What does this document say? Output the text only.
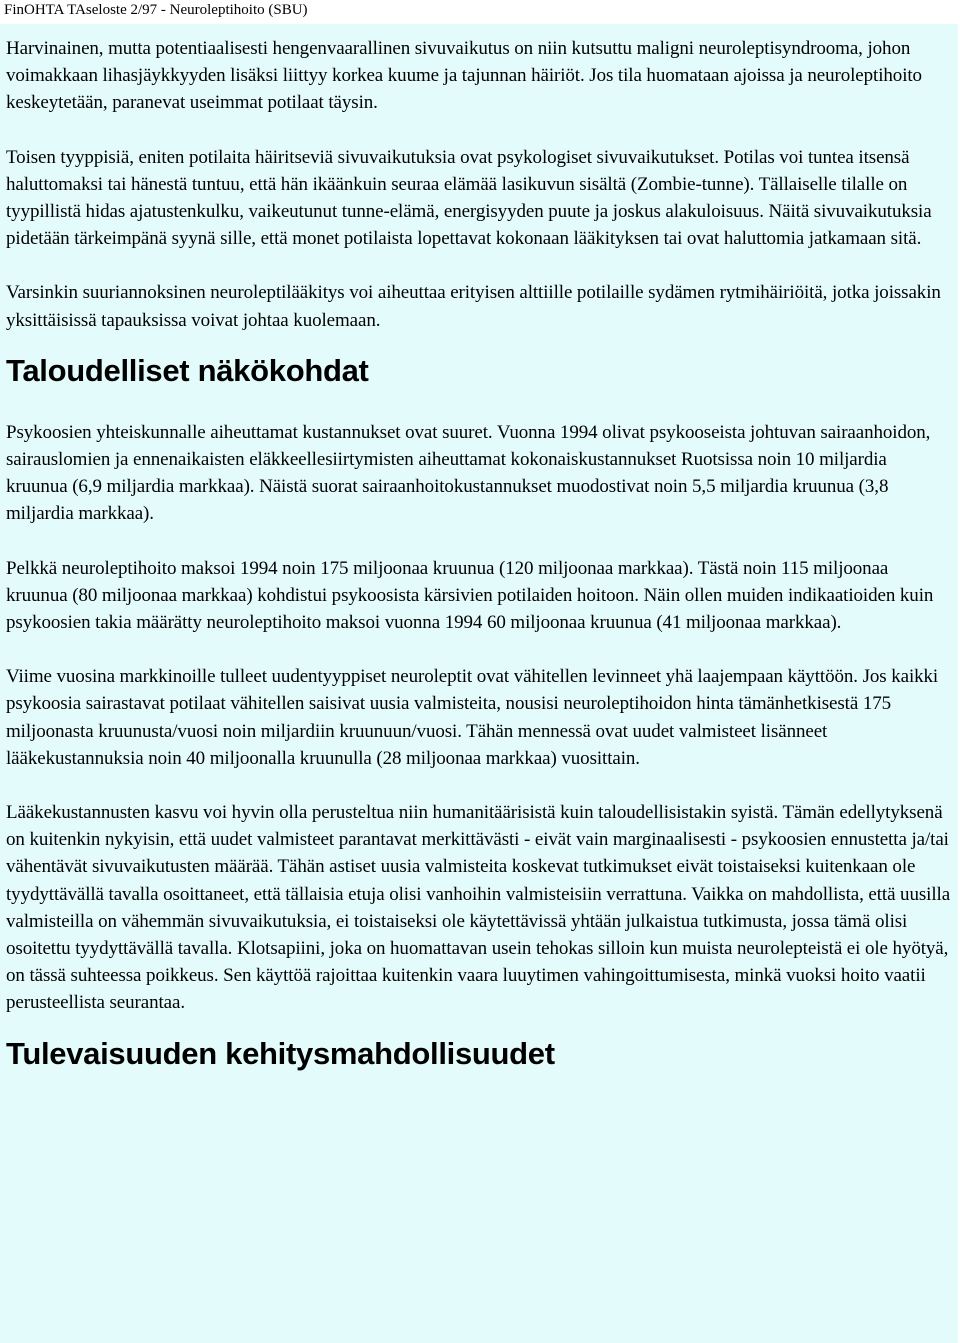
FinOHTA TAseloste 2/97 - Neuroleptihoito (SBU)

Harvinainen, mutta potentiaalisesti hengenvaarallinen sivuvaikutus on niin kutsuttu maligni neuroleptisyndrooma, johon voimakkaan lihasjäykkyyden lisäksi liittyy korkea kuume ja tajunnan häiriöt. Jos tila huomataan ajoissa ja neuroleptihoito keskeytetään, paranevat useimmat potilaat täysin.

Toisen tyyppisiä, eniten potilaita häiritseviä sivuvaikutuksia ovat psykologiset sivuvaikutukset. Potilas voi tuntea itsensä haluttomaksi tai hänestä tuntuu, että hän ikäänkuin seuraa elämää lasikuvun sisältä (Zombie-tunne). Tällaiselle tilalle on tyypillistä hidas ajatustenkulku, vaikeutunut tunne-elämä, energisyyden puute ja joskus alakuloisuus. Näitä sivuvaikutuksia pidetään tärkeimpänä syynä sille, että monet potilaista lopettavat kokonaan lääkityksen tai ovat haluttomia jatkamaan sitä.

Varsinkin suuriannoksinen neuroleptilääkitys voi aiheuttaa erityisen alttiille potilaille sydämen rytmihäiriöitä, jotka joissakin yksittäisissä tapauksissa voivat johtaa kuolemaan.

Taloudelliset näkökohdat

Psykoosien yhteiskunnalle aiheuttamat kustannukset ovat suuret. Vuonna 1994 olivat psykooseista johtuvan sairaanhoidon, sairauslomien ja ennenaikaisten eläkkeellesiirtymisten aiheuttamat kokonaiskustannukset Ruotsissa noin 10 miljardia kruunua (6,9 miljardia markkaa). Näistä suorat sairaanhoitokustannukset muodostivat noin 5,5 miljardia kruunua (3,8 miljardia markkaa).

Pelkkä neuroleptihoito maksoi 1994 noin 175 miljoonaa kruunua (120 miljoonaa markkaa). Tästä noin 115 miljoonaa kruunua (80 miljoonaa markkaa) kohdistui psykoosista kärsivien potilaiden hoitoon. Näin ollen muiden indikaatioiden kuin psykoosien takia määrätty neuroleptihoito maksoi vuonna 1994 60 miljoonaa kruunua (41 miljoonaa markkaa).

Viime vuosina markkinoille tulleet uudentyyppiset neuroleptit ovat vähitellen levinneet yhä laajempaan käyttöön. Jos kaikki psykoosia sairastavat potilaat vähitellen saisivat uusia valmisteita, nousisi neuroleptihoidon hinta tämänhetkisestä 175 miljoonasta kruunusta/vuosi noin miljardiin kruunuun/vuosi. Tähän mennessä ovat uudet valmisteet lisänneet lääkekustannuksia noin 40 miljoonalla kruunulla (28 miljoonaa markkaa) vuosittain.

Lääkekustannusten kasvu voi hyvin olla perusteltua niin humanitäärisistä kuin taloudellisistakin syistä. Tämän edellytyksenä on kuitenkin nykyisin, että uudet valmisteet parantavat merkittävästi - eivät vain marginaalisesti - psykoosien ennustetta ja/tai vähentävät sivuvaikutusten määrää. Tähän astiset uusia valmisteita koskevat tutkimukset eivät toistaiseksi kuitenkaan ole tyydyttävällä tavalla osoittaneet, että tällaisia etuja olisi vanhoihin valmisteisiin verrattuna. Vaikka on mahdollista, että uusilla valmisteilla on vähemmän sivuvaikutuksia, ei toistaiseksi ole käytettävissä yhtään julkaistua tutkimusta, jossa tämä olisi osoitettu tyydyttävällä tavalla. Klotsapiini, joka on huomattavan usein tehokas silloin kun muista neurolepteistä ei ole hyötyä, on tässä suhteessa poikkeus. Sen käyttöä rajoittaa kuitenkin vaara luuytimen vahingoittumisesta, minkä vuoksi hoito vaatii perusteellista seurantaa.

Tulevaisuuden kehitysmahdollisuudet
